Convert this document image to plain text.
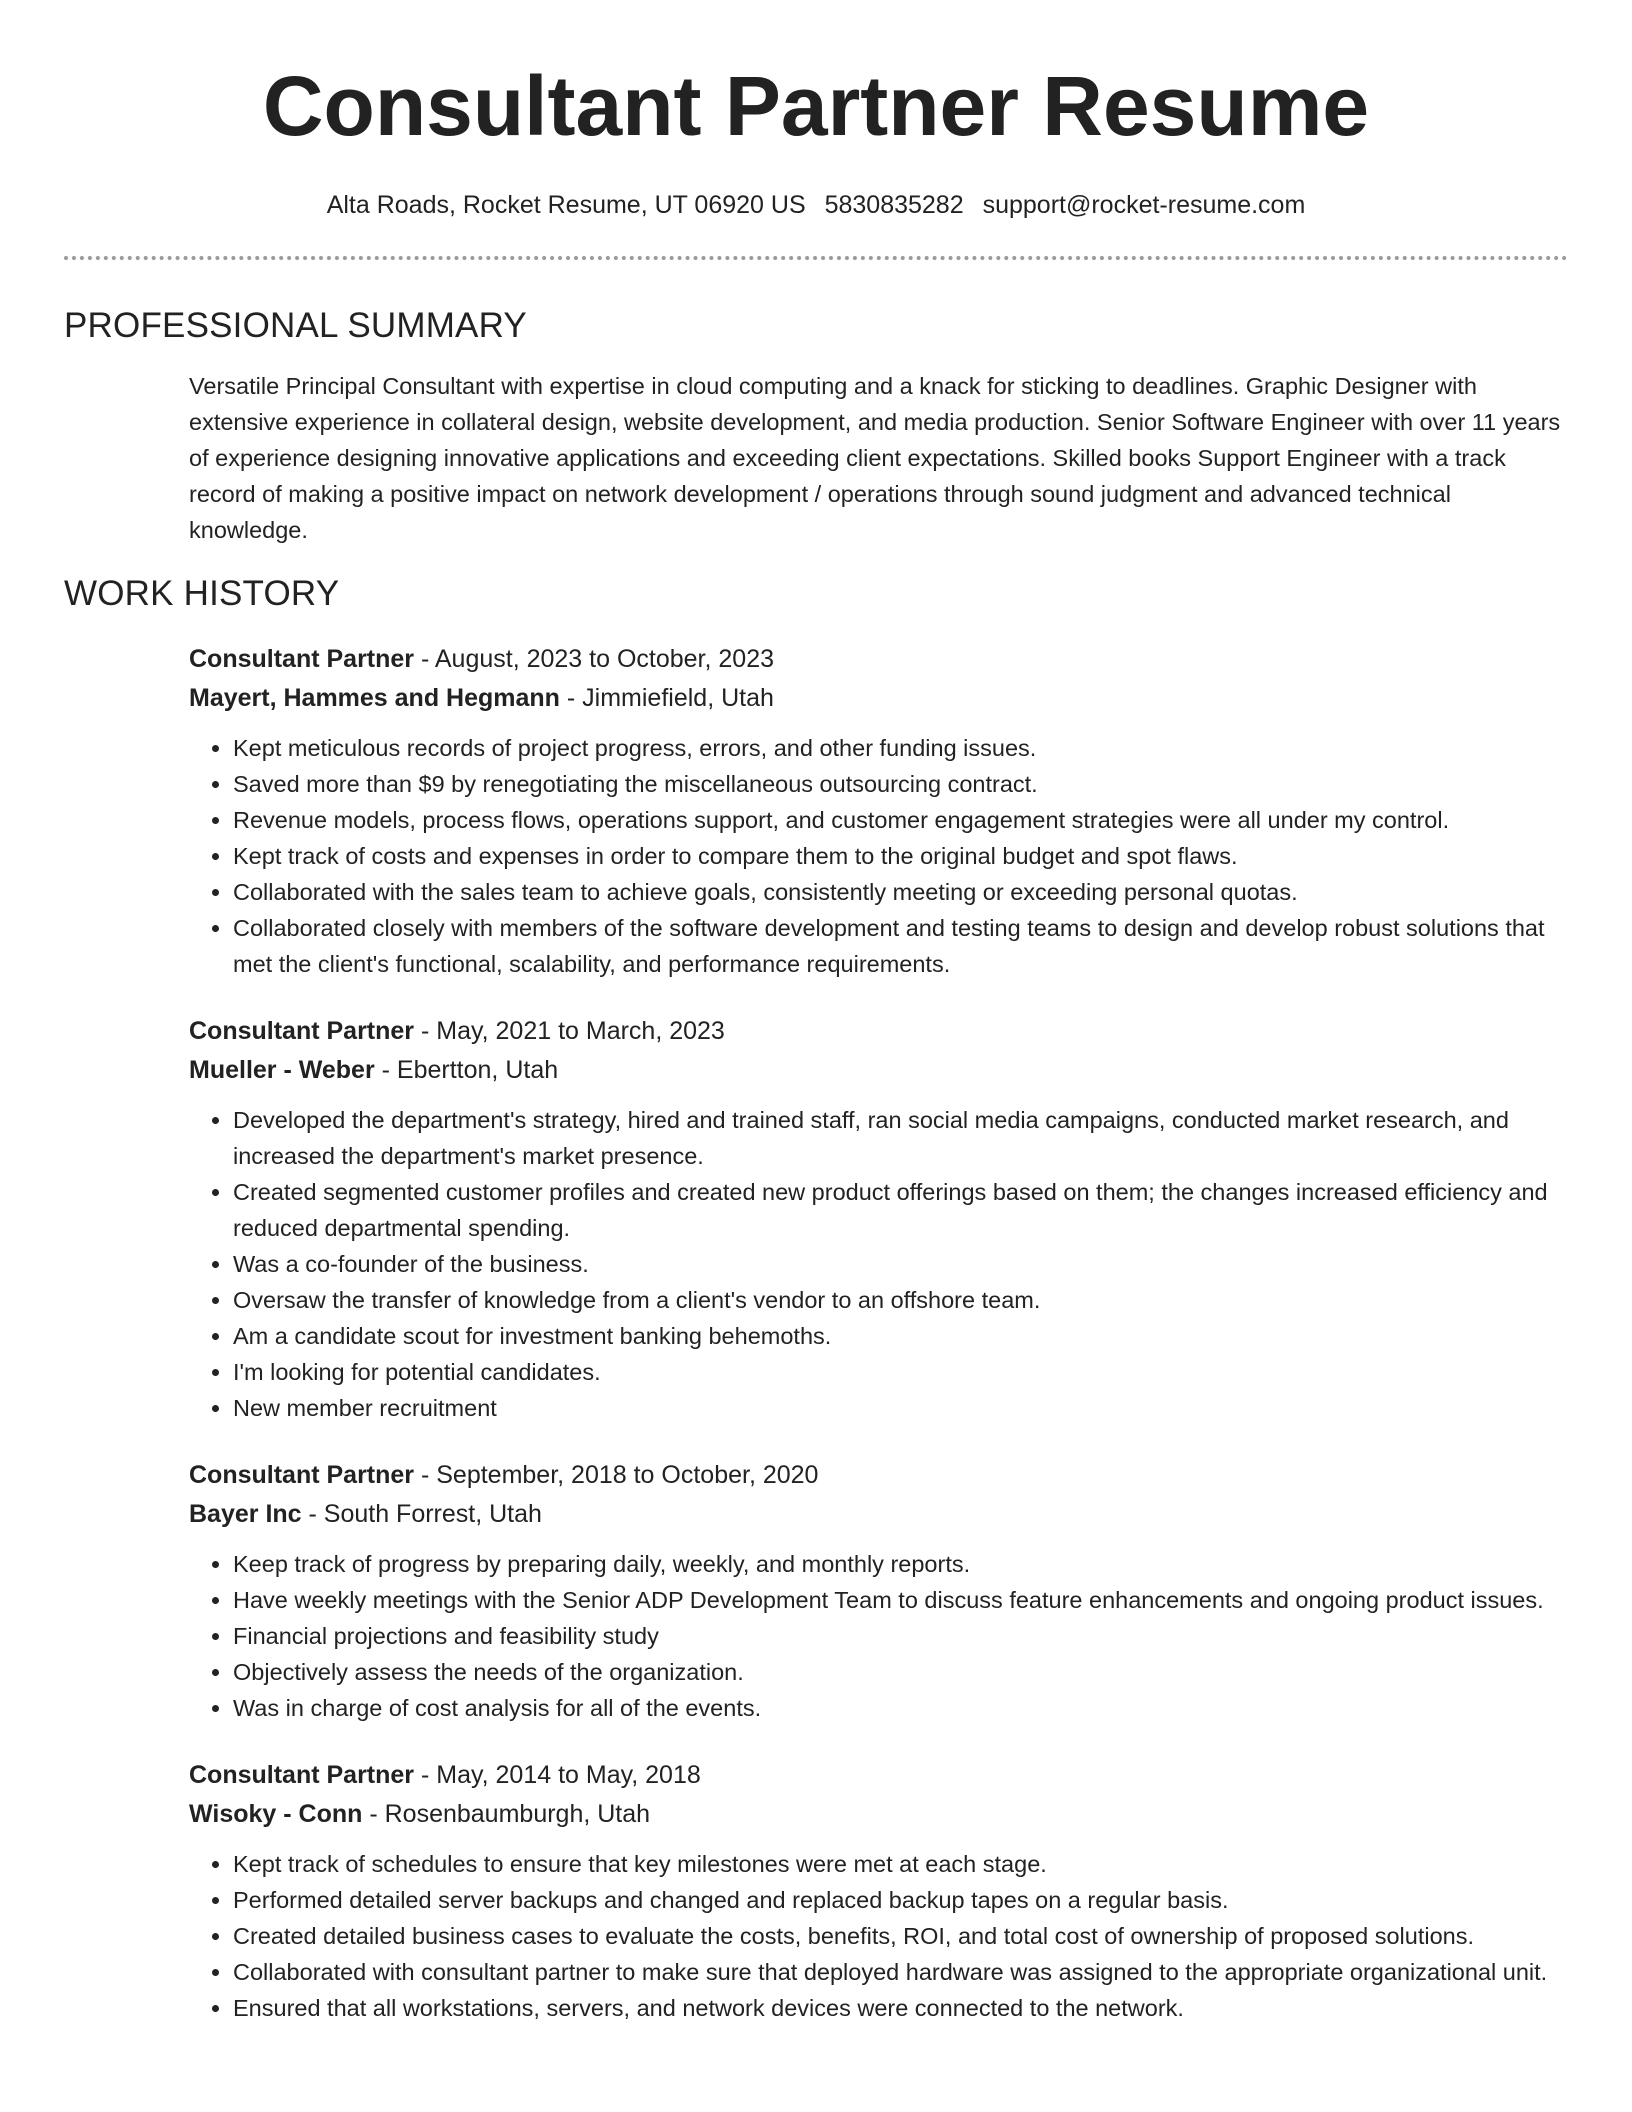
Consultant Partner Resume
Alta Roads, Rocket Resume, UT 06920 US 5830835282 support@rocket-resume.com
PROFESSIONAL SUMMARY

Versatile Principal Consultant with expertise in cloud computing and a knack for sticking to deadlines. Graphic Designer with extensive experience in collateral design, website development, and media production. Senior Software Engineer with over 11 years of experience designing innovative applications and exceeding client expectations. Skilled books Support Engineer with a track record of making a positive impact on network development / operations through sound judgment and advanced technical knowledge.

WORK HISTORY
Consultant Partner - August, 2023 to October, 2023
Mayert, Hammes and Hegmann - Jimmiefield, Utah
• Kept meticulous records of project progress, errors, and other funding issues.
• Saved more than $9 by renegotiating the miscellaneous outsourcing contract.
• Revenue models, process flows, operations support, and customer engagement strategies were all under my control.
• Kept track of costs and expenses in order to compare them to the original budget and spot flaws.
• Collaborated with the sales team to achieve goals, consistently meeting or exceeding personal quotas.
• Collaborated closely with members of the software development and testing teams to design and develop robust solutions that met the client's functional, scalability, and performance requirements.
Consultant Partner - May, 2021 to March, 2023
Mueller - Weber - Ebertton, Utah
• Developed the department's strategy, hired and trained staff, ran social media campaigns, conducted market research, and increased the department's market presence.
• Created segmented customer profiles and created new product offerings based on them; the changes increased efficiency and reduced departmental spending.
• Was a co-founder of the business.
• Oversaw the transfer of knowledge from a client's vendor to an offshore team.
• Am a candidate scout for investment banking behemoths.
• I'm looking for potential candidates.
• New member recruitment
Consultant Partner - September, 2018 to October, 2020
Bayer Inc - South Forrest, Utah
• Keep track of progress by preparing daily, weekly, and monthly reports.
• Have weekly meetings with the Senior ADP Development Team to discuss feature enhancements and ongoing product issues.
• Financial projections and feasibility study
• Objectively assess the needs of the organization.
• Was in charge of cost analysis for all of the events.
Consultant Partner - May, 2014 to May, 2018
Wisoky - Conn - Rosenbaumburgh, Utah
• Kept track of schedules to ensure that key milestones were met at each stage.
• Performed detailed server backups and changed and replaced backup tapes on a regular basis.
• Created detailed business cases to evaluate the costs, benefits, ROI, and total cost of ownership of proposed solutions.
• Collaborated with consultant partner to make sure that deployed hardware was assigned to the appropriate organizational unit.
• Ensured that all workstations, servers, and network devices were connected to the network.
